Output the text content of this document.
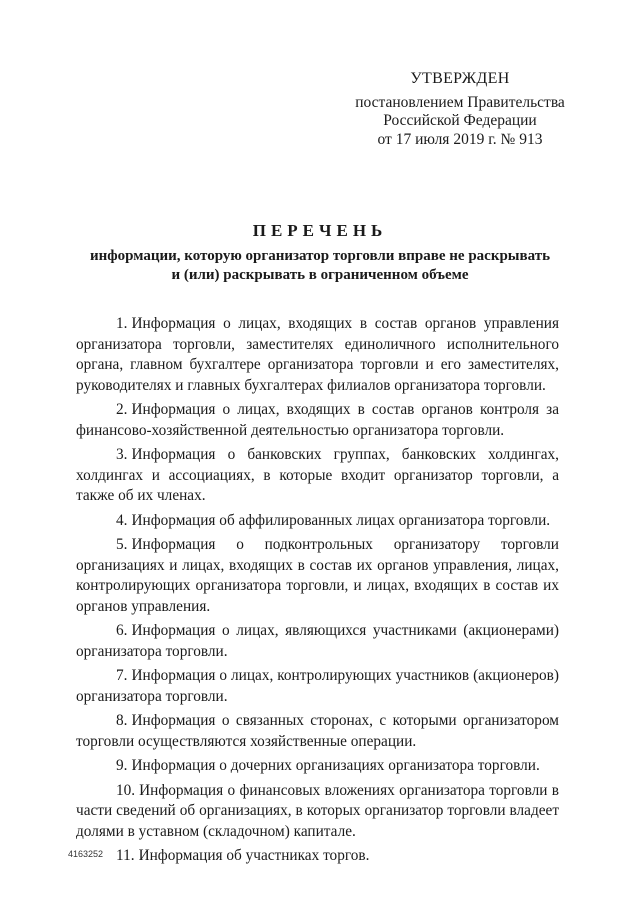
УТВЕРЖДЕН
постановлением Правительства
Российской Федерации
от 17 июля 2019 г. № 913
ПЕРЕЧЕНЬ
информации, которую организатор торговли вправе не раскрывать
и (или) раскрывать в ограниченном объеме

1. Информация о лицах, входящих в состав органов управления организатора торговли, заместителях единоличного исполнительного органа, главном бухгалтере организатора торговли и его заместителях, руководителях и главных бухгалтерах филиалов организатора торговли.

2. Информация о лицах, входящих в состав органов контроля за финансово-хозяйственной деятельностью организатора торговли.

3. Информация о банковских группах, банковских холдингах, холдингах и ассоциациях, в которые входит организатор торговли, а также об их членах.

4. Информация об аффилированных лицах организатора торговли.

5. Информация о подконтрольных организатору торговли организациях и лицах, входящих в состав их органов управления, лицах, контролирующих организатора торговли, и лицах, входящих в состав их органов управления.

6. Информация о лицах, являющихся участниками (акционерами) организатора торговли.

7. Информация о лицах, контролирующих участников (акционеров) организатора торговли.

8. Информация о связанных сторонах, с которыми организатором торговли осуществляются хозяйственные операции.

9. Информация о дочерних организациях организатора торговли.

10. Информация о финансовых вложениях организатора торговли в части сведений об организациях, в которых организатор торговли владеет долями в уставном (складочном) капитале.

11. Информация об участниках торгов.

4163252
